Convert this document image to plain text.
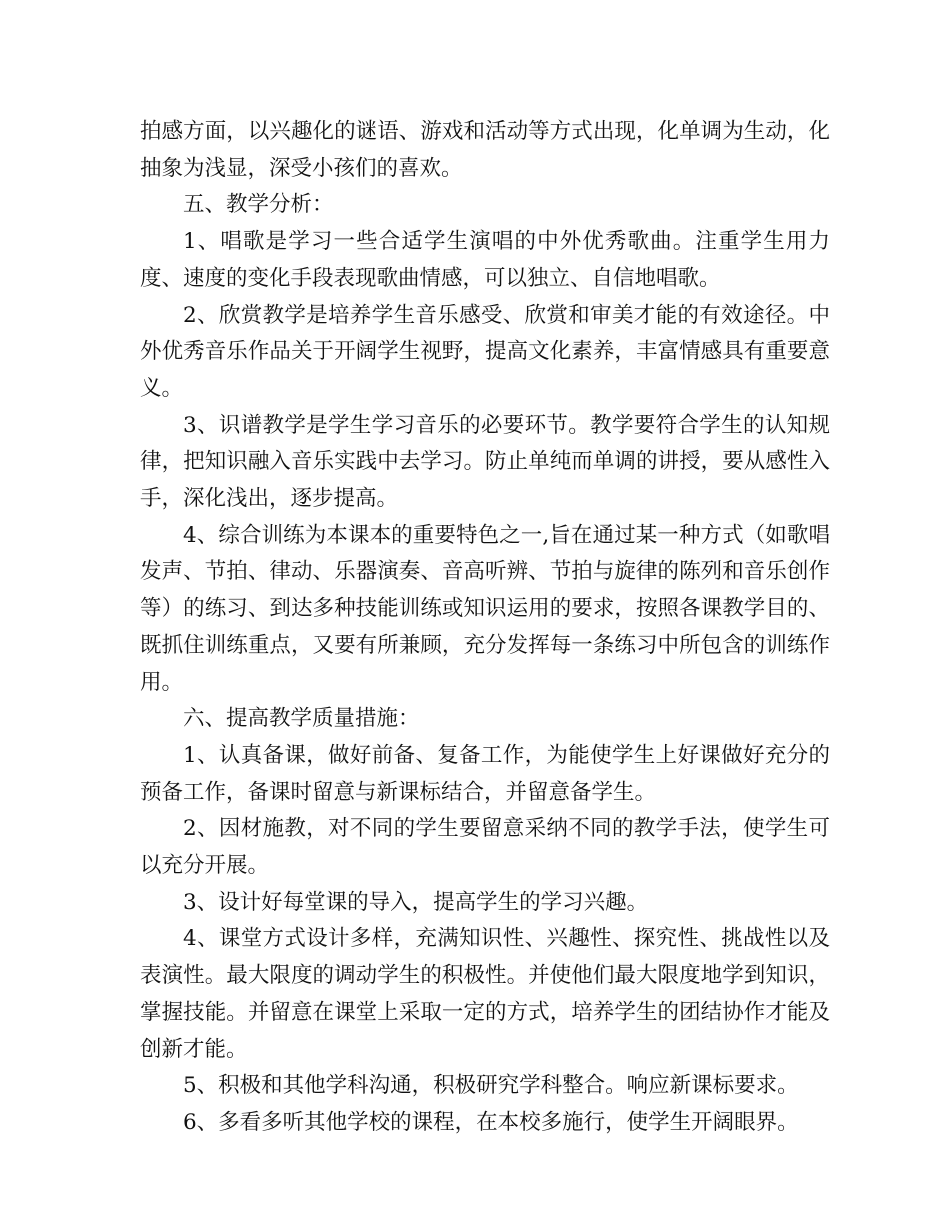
拍感方面，以兴趣化的谜语、游戏和活动等方式出现，化单调为生动，化抽象为浅显，深受小孩们的喜欢。

五、教学分析：

1、唱歌是学习一些合适学生演唱的中外优秀歌曲。注重学生用力度、速度的变化手段表现歌曲情感，可以独立、自信地唱歌。

2、欣赏教学是培养学生音乐感受、欣赏和审美才能的有效途径。中外优秀音乐作品关于开阔学生视野，提高文化素养，丰富情感具有重要意义。

3、识谱教学是学生学习音乐的必要环节。教学要符合学生的认知规律，把知识融入音乐实践中去学习。防止单纯而单调的讲授，要从感性入手，深化浅出，逐步提高。

4、综合训练为本课本的重要特色之一,旨在通过某一种方式（如歌唱发声、节拍、律动、乐器演奏、音高听辨、节拍与旋律的陈列和音乐创作等）的练习、到达多种技能训练或知识运用的要求，按照各课教学目的、既抓住训练重点，又要有所兼顾，充分发挥每一条练习中所包含的训练作用。

六、提高教学质量措施：

1、认真备课，做好前备、复备工作，为能使学生上好课做好充分的预备工作，备课时留意与新课标结合，并留意备学生。

2、因材施教，对不同的学生要留意采纳不同的教学手法，使学生可以充分开展。

3、设计好每堂课的导入，提高学生的学习兴趣。

4、课堂方式设计多样，充满知识性、兴趣性、探究性、挑战性以及表演性。最大限度的调动学生的积极性。并使他们最大限度地学到知识，掌握技能。并留意在课堂上采取一定的方式，培养学生的团结协作才能及创新才能。

5、积极和其他学科沟通，积极研究学科整合。响应新课标要求。

6、多看多听其他学校的课程，在本校多施行，使学生开阔眼界。
